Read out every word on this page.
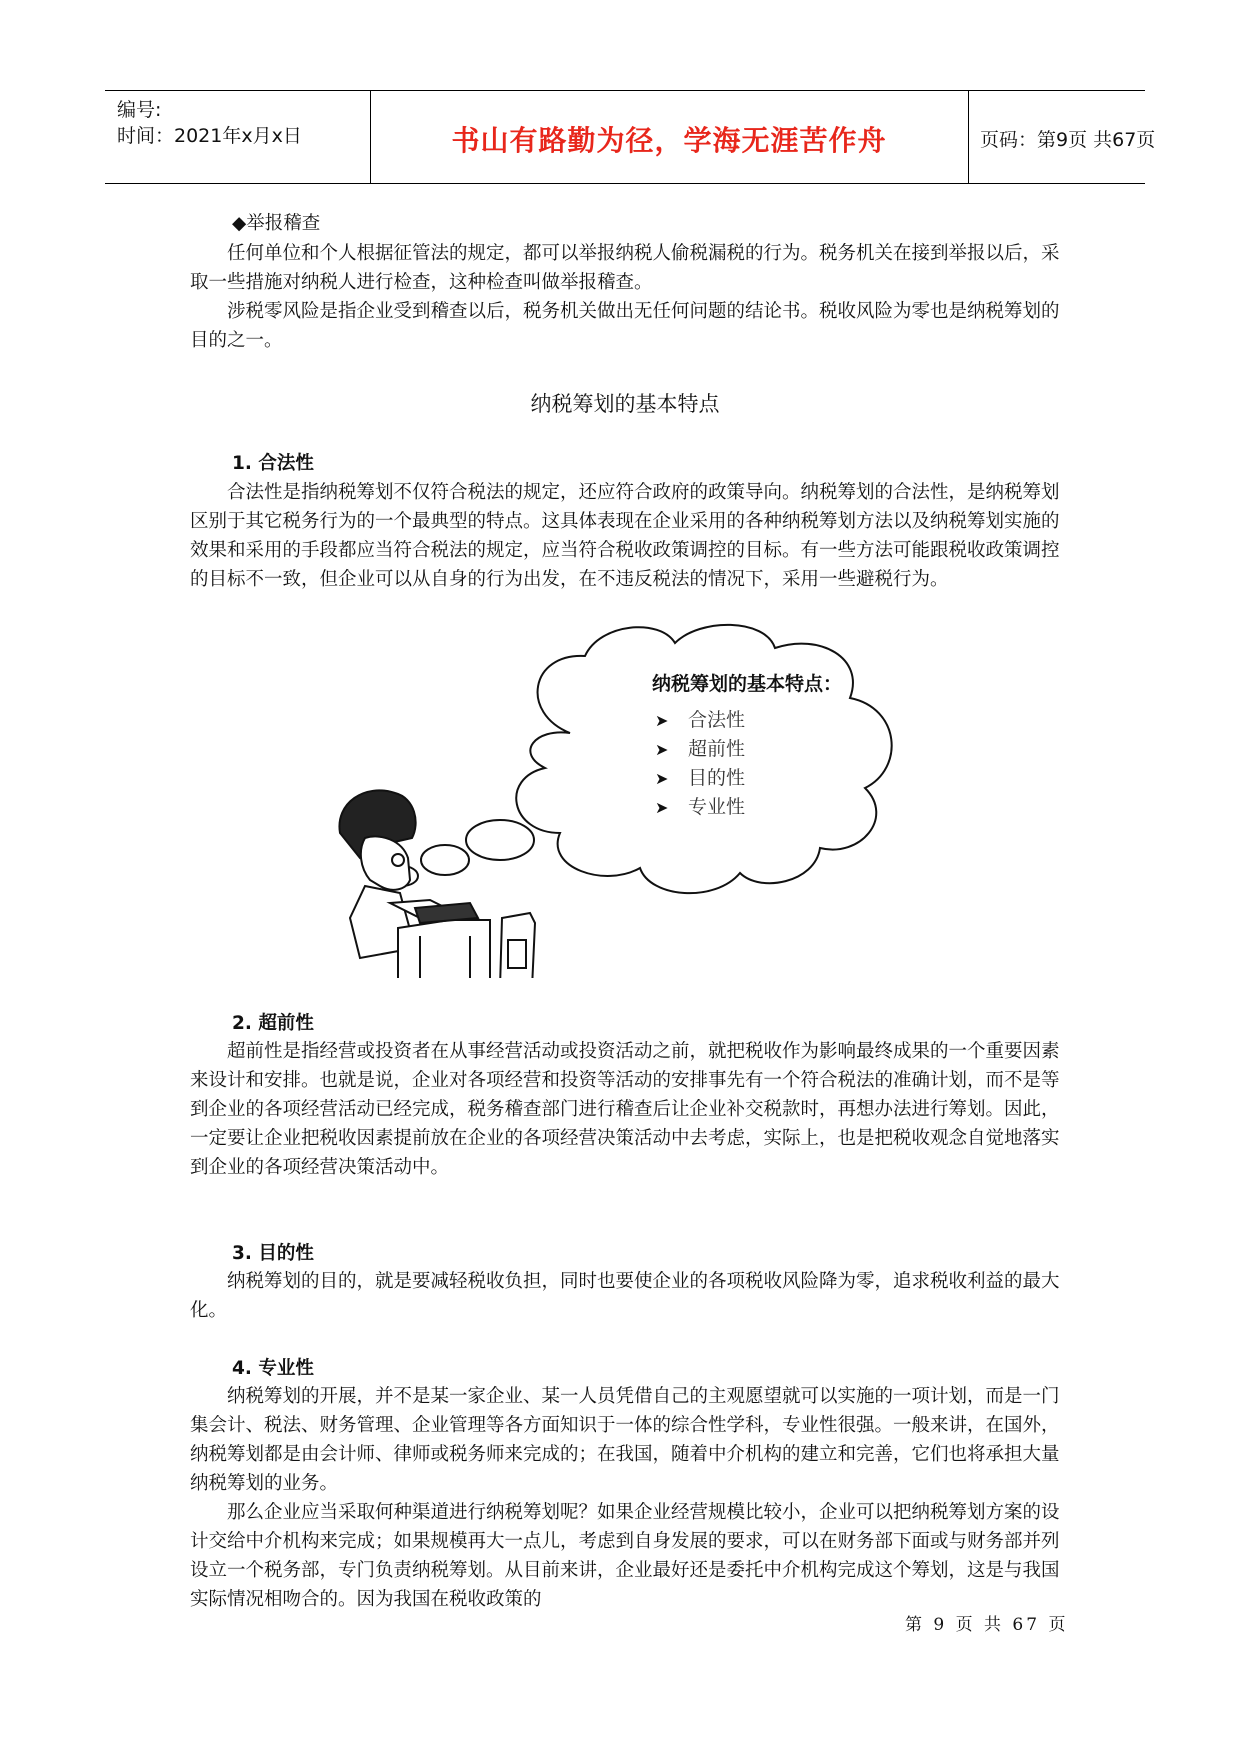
编号:
时间：2021年x月x日	书山有路勤为径，学海无涯苦作舟	页码：第9页 共67页
◆举报稽查

任何单位和个人根据征管法的规定，都可以举报纳税人偷税漏税的行为。税务机关在接到举报以后，采取一些措施对纳税人进行检查，这种检查叫做举报稽查。

涉税零风险是指企业受到稽查以后，税务机关做出无任何问题的结论书。税收风险为零也是纳税筹划的目的之一。

纳税筹划的基本特点
1. 合法性

合法性是指纳税筹划不仅符合税法的规定，还应符合政府的政策导向。纳税筹划的合法性，是纳税筹划区别于其它税务行为的一个最典型的特点。这具体表现在企业采用的各种纳税筹划方法以及纳税筹划实施的效果和采用的手段都应当符合税法的规定，应当符合税收政策调控的目标。有一些方法可能跟税收政策调控的目标不一致，但企业可以从自身的行为出发，在不违反税法的情况下，采用一些避税行为。

纳税筹划的基本特点：
➤ 合法性
➤ 超前性
➤ 目的性
➤ 专业性
2. 超前性

超前性是指经营或投资者在从事经营活动或投资活动之前，就把税收作为影响最终成果的一个重要因素来设计和安排。也就是说，企业对各项经营和投资等活动的安排事先有一个符合税法的准确计划，而不是等到企业的各项经营活动已经完成，税务稽查部门进行稽查后让企业补交税款时，再想办法进行筹划。因此，一定要让企业把税收因素提前放在企业的各项经营决策活动中去考虑，实际上，也是把税收观念自觉地落实到企业的各项经营决策活动中。

3. 目的性

纳税筹划的目的，就是要减轻税收负担，同时也要使企业的各项税收风险降为零，追求税收利益的最大化。

4. 专业性

纳税筹划的开展，并不是某一家企业、某一人员凭借自己的主观愿望就可以实施的一项计划，而是一门集会计、税法、财务管理、企业管理等各方面知识于一体的综合性学科，专业性很强。一般来讲，在国外，纳税筹划都是由会计师、律师或税务师来完成的；在我国，随着中介机构的建立和完善，它们也将承担大量纳税筹划的业务。

那么企业应当采取何种渠道进行纳税筹划呢？如果企业经营规模比较小，企业可以把纳税筹划方案的设计交给中介机构来完成；如果规模再大一点儿，考虑到自身发展的要求，可以在财务部下面或与财务部并列设立一个税务部，专门负责纳税筹划。从目前来讲，企业最好还是委托中介机构完成这个筹划，这是与我国实际情况相吻合的。因为我国在税收政策的

第 9 页 共 67 页
